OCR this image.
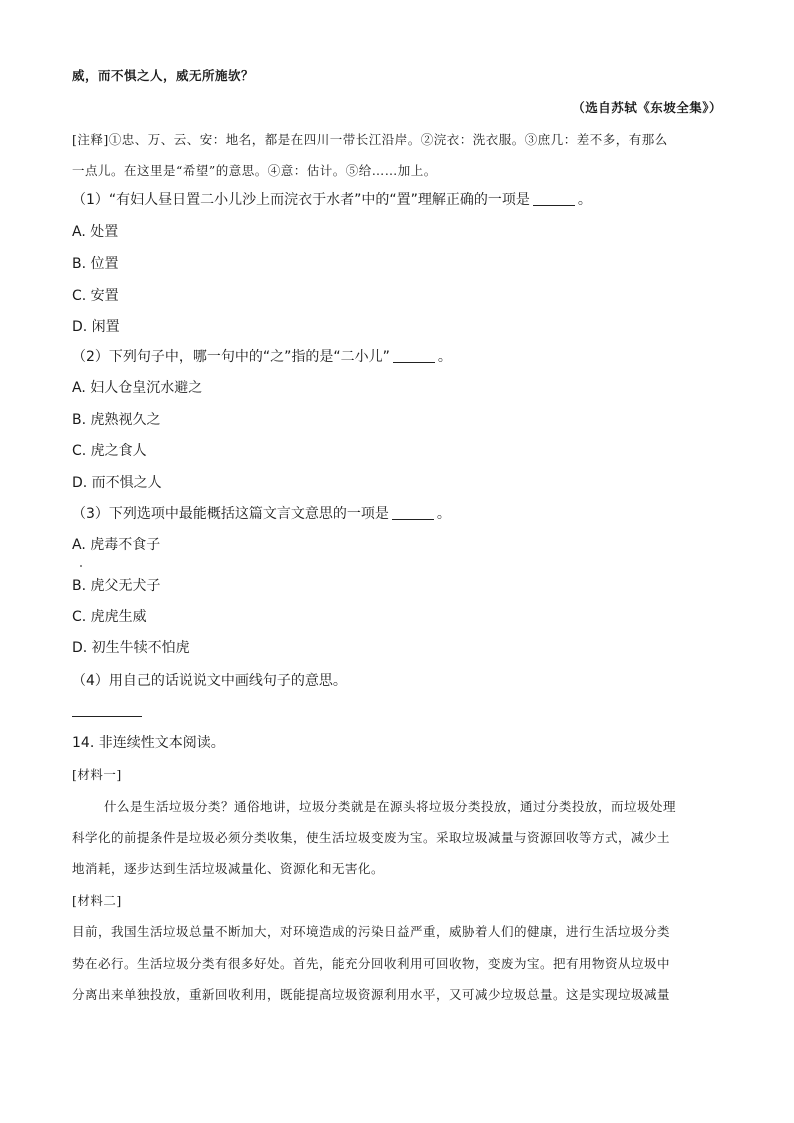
威，而不惧之人，威无所施欤？
（选自苏轼《东坡全集》）
[注释]①忠、万、云、安：地名，都是在四川一带长江沿岸。②浣衣：洗衣服。③庶几：差不多，有那么
一点儿。在这里是“希望”的意思。④意：估计。⑤给……加上。
（1）“有妇人昼日置二小儿沙上而浣衣于水者”中的“置”理解正确的一项是	。
A. 处置
B. 位置
C. 安置
D. 闲置
（2）下列句子中，哪一句中的“之”指的是“二小儿”	。
A. 妇人仓皇沉水避之
B. 虎熟视久之
C. 虎之食人
D. 而不惧之人
（3）下列选项中最能概括这篇文言文意思的一项是	。
A. 虎毒不食子
B. 虎父无犬子
C. 虎虎生威
D. 初生牛犊不怕虎
（4）用自己的话说说文中画线句子的意思。
14. 非连续性文本阅读。
[材料一]
什么是生活垃圾分类？通俗地讲，垃圾分类就是在源头将垃圾分类投放，通过分类投放，而垃圾处理
科学化的前提条件是垃圾必须分类收集，使生活垃圾变废为宝。采取垃圾减量与资源回收等方式，减少土
地消耗，逐步达到生活垃圾减量化、资源化和无害化。
[材料二]
目前，我国生活垃圾总量不断加大，对环境造成的污染日益严重，威胁着人们的健康，进行生活垃圾分类
势在必行。生活垃圾分类有很多好处。首先，能充分回收利用可回收物，变废为宝。把有用物资从垃圾中
分离出来单独投放，重新回收利用，既能提高垃圾资源利用水平，又可减少垃圾总量。这是实现垃圾减量
